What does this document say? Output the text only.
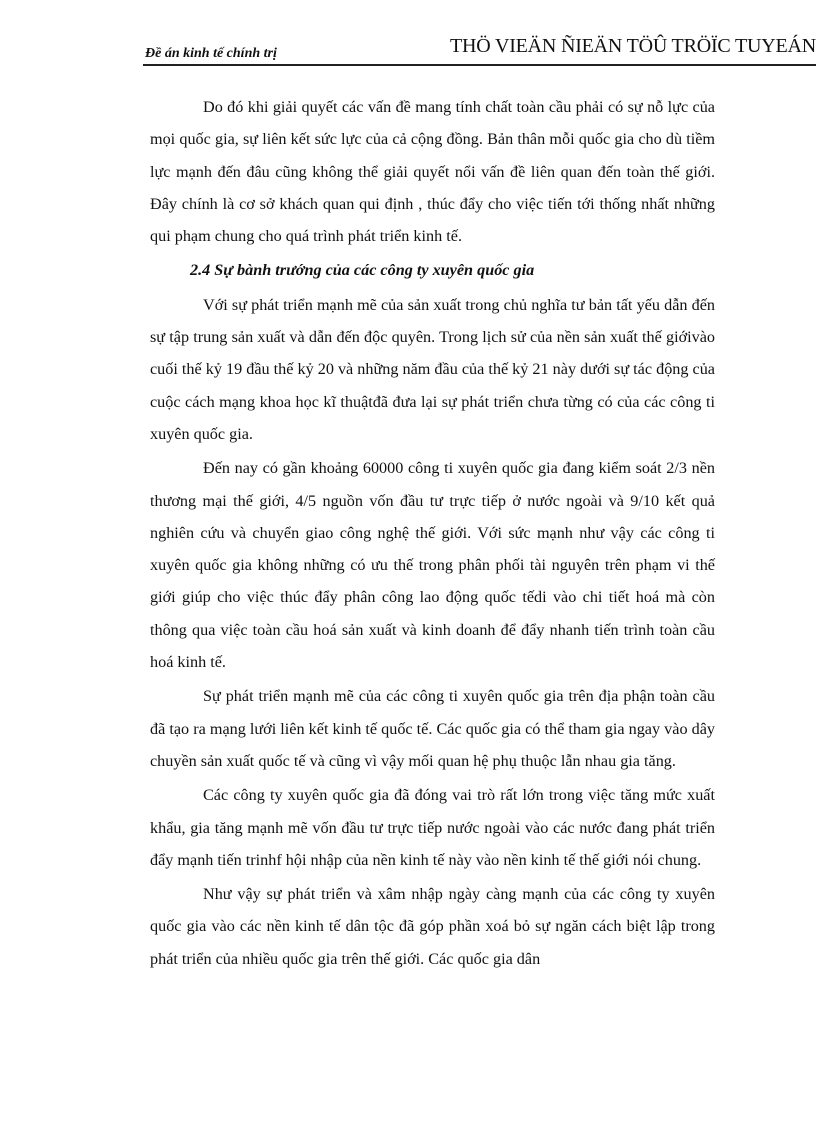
Đề án kinh tế chính trị	THÖ VIEÄN ÑIEÄN TÖÛ TRÖÏC TUYEÁN

Do đó khi giải quyết các vấn đề mang tính chất toàn cầu phải có sự nỗ lực của mọi quốc gia, sự liên kết sức lực của cả cộng đồng. Bản thân mỗi quốc gia cho dù tiềm lực mạnh đến đâu cũng không thể giải quyết nổi vấn đề liên quan đến toàn thế giới. Đây chính là cơ sở khách quan qui định , thúc đẩy cho việc tiến tới thống nhất những qui phạm chung cho quá trình phát triển kinh tế.

2.4 Sự bành trướng của các công ty xuyên quốc gia

Với sự phát triển mạnh mẽ của sản xuất trong chủ nghĩa tư bản tất yếu dẫn đến sự tập trung sản xuất và dẫn đến độc quyên. Trong lịch sử của nền sản xuất thế giớivào cuối thế kỷ 19 đầu thế kỷ 20 và những năm đầu của thế kỷ 21 này dưới sự tác động của cuộc cách mạng khoa học kĩ thuậtđã đưa lại sự phát triển chưa từng có của các công ti xuyên quốc gia.

Đến nay có gần khoảng 60000 công ti xuyên quốc gia đang kiểm soát 2/3 nền thương mại thế giới, 4/5 nguồn vốn đầu tư trực tiếp ở nước ngoài và 9/10 kết quả nghiên cứu và chuyển giao công nghệ thế giới. Với sức mạnh như vậy các công ti xuyên quốc gia không những có ưu thế trong phân phối tài nguyên trên phạm vi thế giới giúp cho việc thúc đẩy phân công lao động quốc tếdi vào chi tiết hoá mà còn thông qua việc toàn cầu hoá sản xuất và kinh doanh để đẩy nhanh tiến trình toàn cầu hoá kinh tế.

Sự phát triển mạnh mẽ của các công ti xuyên quốc gia trên địa phận toàn cầu đã tạo ra mạng lưới liên kết kinh tế quốc tế. Các quốc gia có thể tham gia ngay vào dây chuyền sản xuất quốc tế và cũng vì vậy mối quan hệ phụ thuộc lẫn nhau gia tăng.

Các công ty xuyên quốc gia đã đóng vai trò rất lớn trong việc tăng mức xuất khẩu, gia tăng mạnh mẽ vốn đầu tư trực tiếp nước ngoài vào các nước đang phát triển đẩy mạnh tiến trinhf hội nhập của nền kinh tế này vào nền kinh tế thế giới nói chung.

Như vậy sự phát triển và xâm nhập ngày càng mạnh của các công ty xuyên quốc gia vào các nền kinh tế dân tộc đã góp phần xoá bỏ sự ngăn cách biệt lập trong phát triển của nhiều quốc gia trên thế giới. Các quốc gia dân
